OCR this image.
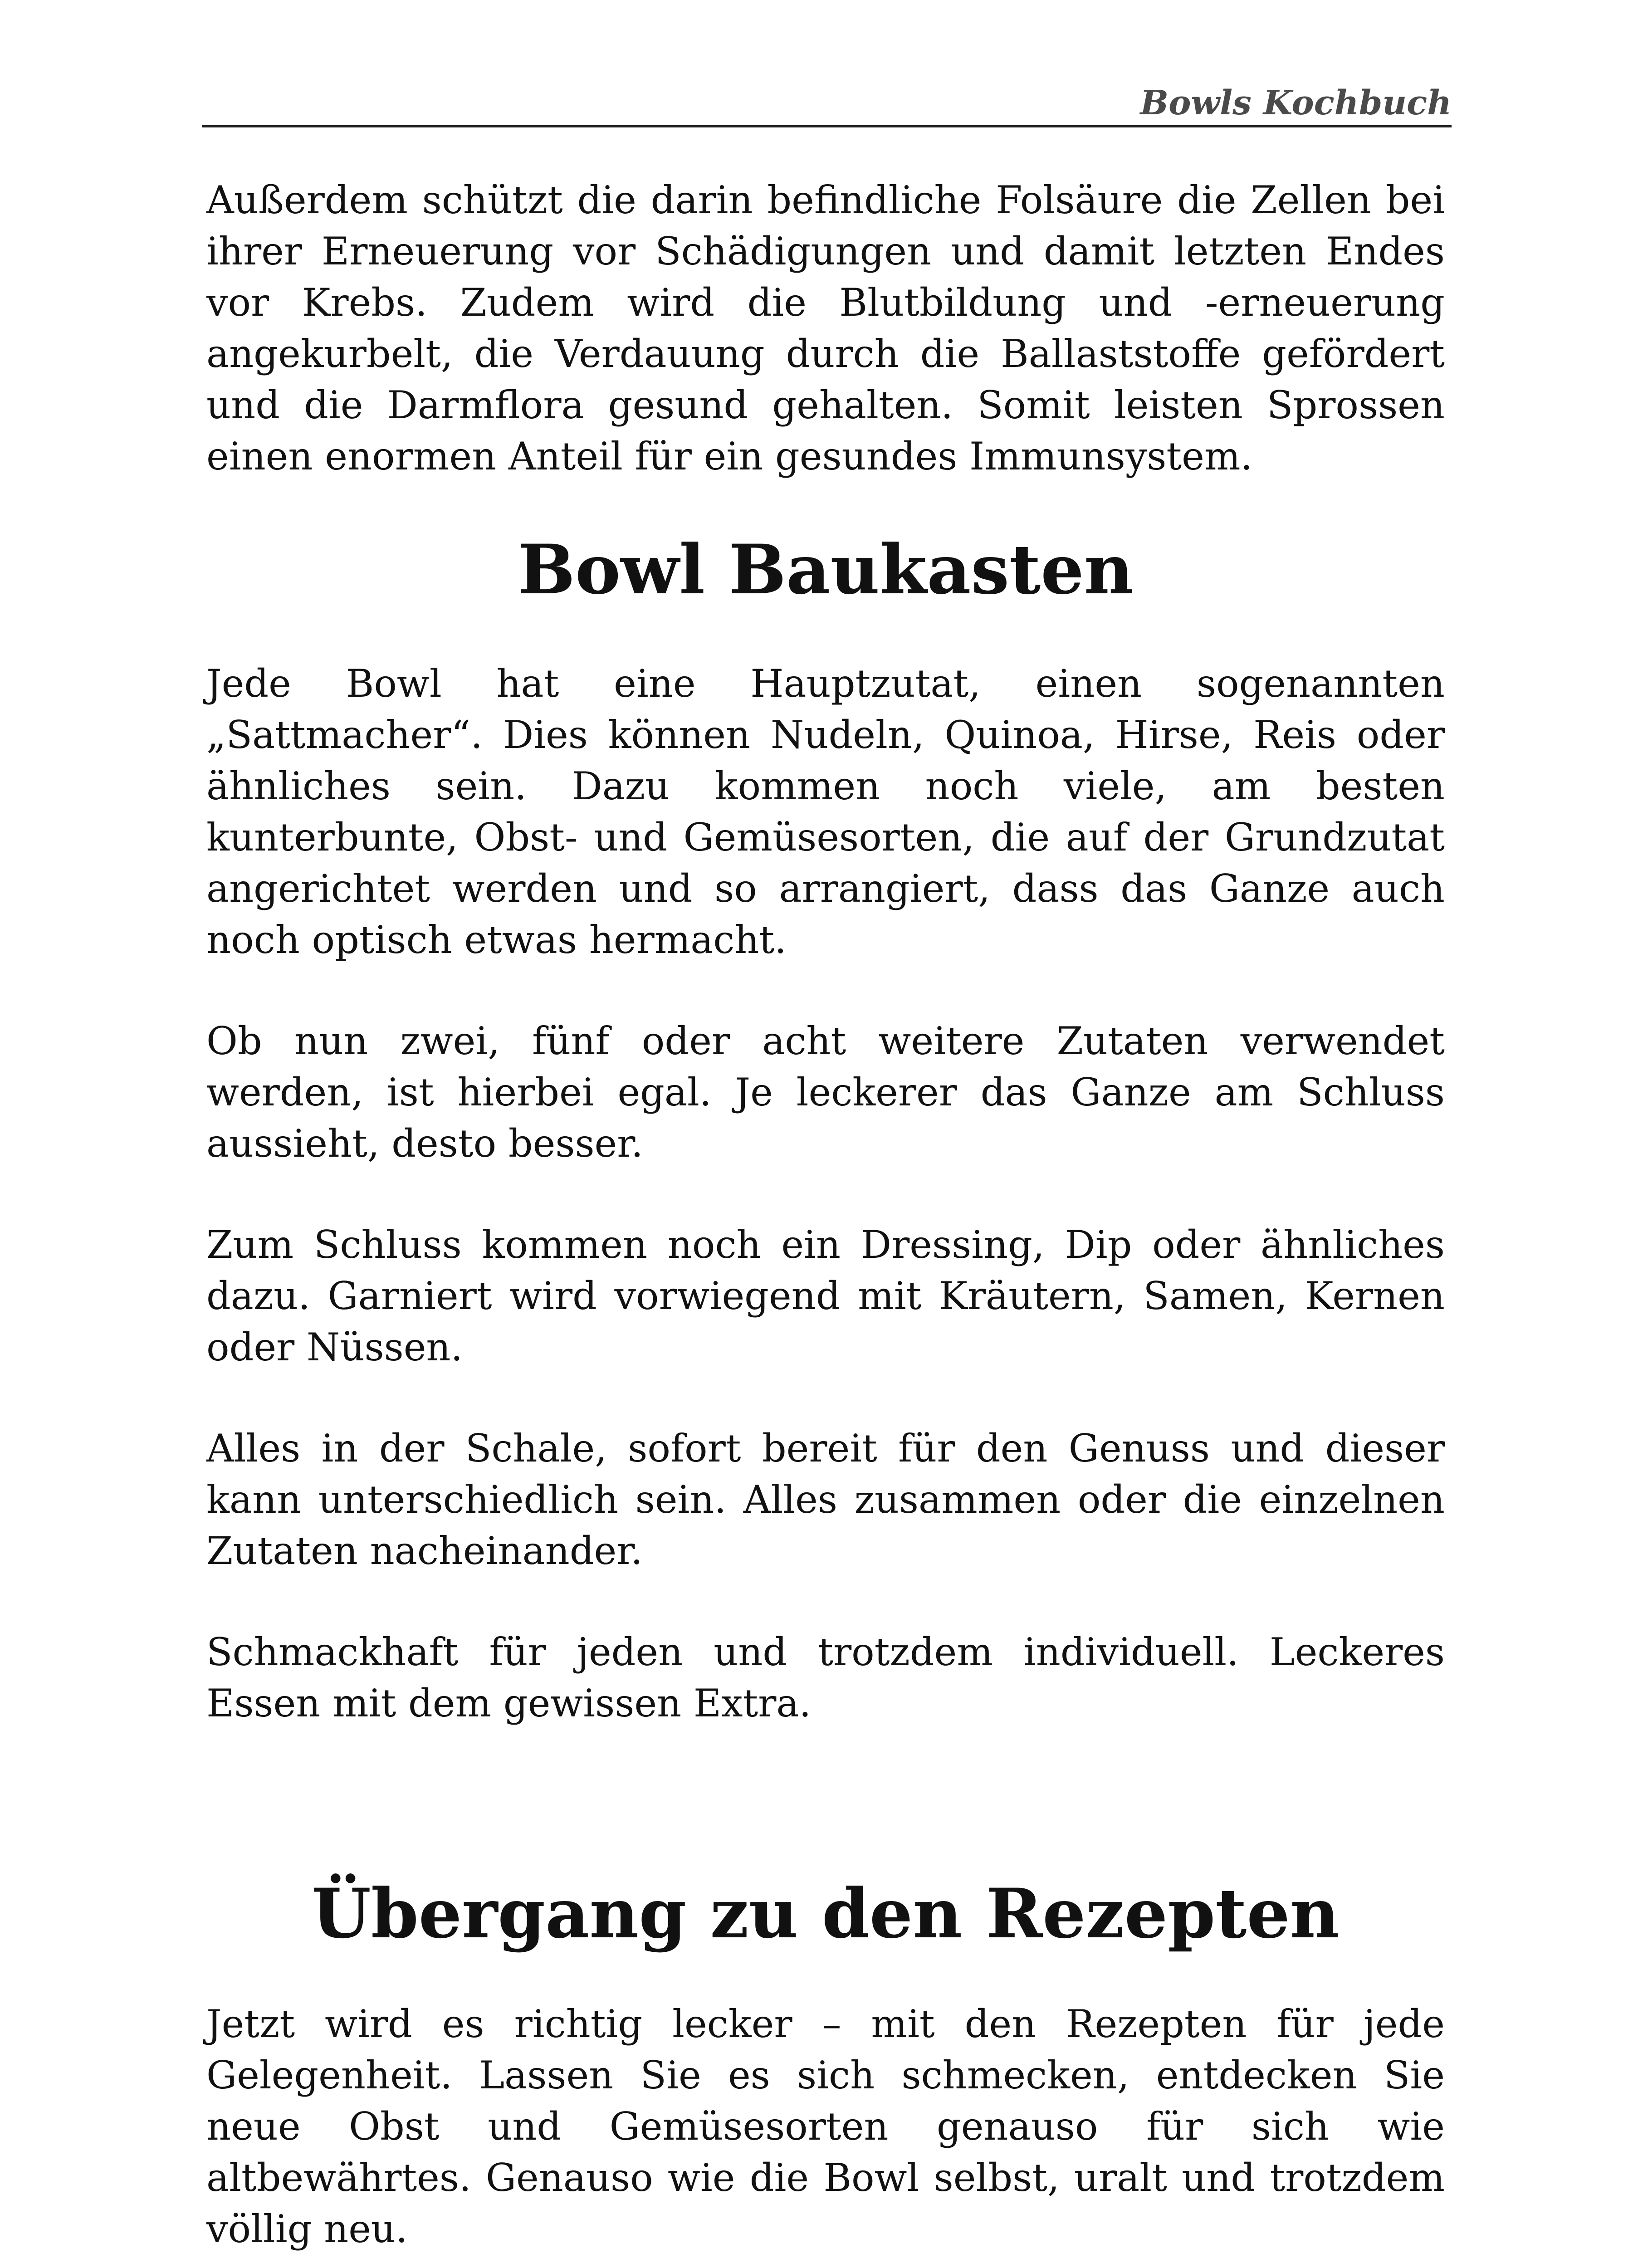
Bowls Kochbuch

Außerdem schützt die darin befindliche Folsäure die Zellen bei ihrer Erneuerung vor Schädigungen und damit letzten Endes vor Krebs. Zudem wird die Blutbildung und -erneuerung angekurbelt, die Verdauung durch die Ballaststoffe gefördert und die Darmflora gesund gehalten. Somit leisten Sprossen einen enormen Anteil für ein gesundes Immunsystem.

Bowl Baukasten

Jede Bowl hat eine Hauptzutat, einen sogenannten „Sattmacher“. Dies können Nudeln, Quinoa, Hirse, Reis oder ähnliches sein. Dazu kommen noch viele, am besten kunterbunte, Obst- und Gemüsesorten, die auf der Grundzutat angerichtet werden und so arrangiert, dass das Ganze auch noch optisch etwas hermacht.

Ob nun zwei, fünf oder acht weitere Zutaten verwendet werden, ist hierbei egal. Je leckerer das Ganze am Schluss aussieht, desto besser.

Zum Schluss kommen noch ein Dressing, Dip oder ähnliches dazu. Garniert wird vorwiegend mit Kräutern, Samen, Kernen oder Nüssen.

Alles in der Schale, sofort bereit für den Genuss und dieser kann unterschiedlich sein. Alles zusammen oder die einzelnen Zutaten nacheinander.

Schmackhaft für jeden und trotzdem individuell. Leckeres Essen mit dem gewissen Extra.

Übergang zu den Rezepten

Jetzt wird es richtig lecker – mit den Rezepten für jede Gelegenheit. Lassen Sie es sich schmecken, entdecken Sie neue Obst und Gemüsesorten genauso für sich wie altbewährtes. Genauso wie die Bowl selbst, uralt und trotzdem völlig neu.
